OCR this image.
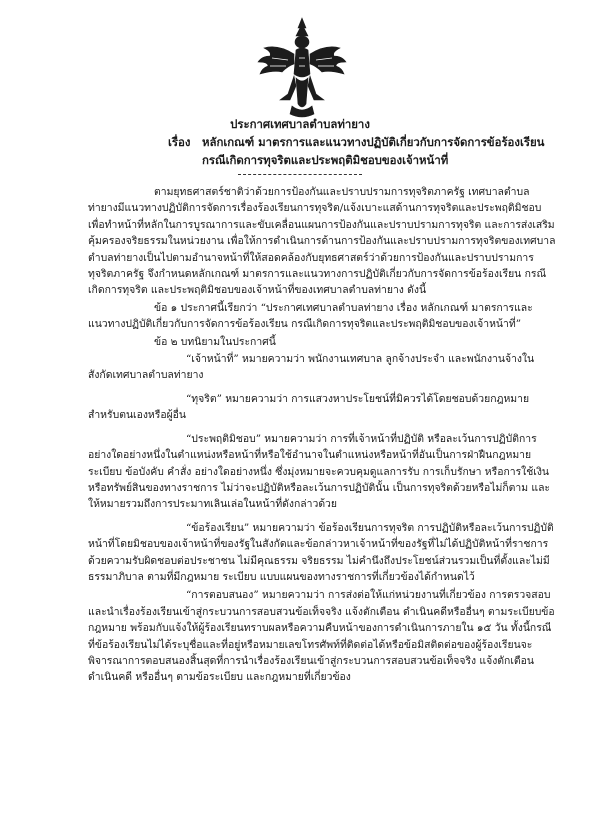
ประกาศเทศบาลตำบลท่ายาง
เรื่อง หลักเกณฑ์ มาตรการและแนวทางปฏิบัติเกี่ยวกับการจัดการข้อร้องเรียน
กรณีเกิดการทุจริตและประพฤติมิชอบของเจ้าหน้าที่

ตามยุทธศาสตร์ชาติว่าด้วยการป้องกันและปราบปรามการทุจริตภาครัฐ เทศบาลตำบลท่ายางมีแนวทางปฏิบัติการจัดการเรื่องร้องเรียนการทุจริต/แจ้งเบาะแสด้านการทุจริตและประพฤติมิชอบ เพื่อทำหน้าที่หลักในการบูรณาการและขับเคลื่อนแผนการป้องกันและปราบปรามการทุจริต และการส่งเสริมคุ้มครองจริยธรรมในหน่วยงาน เพื่อให้การดำเนินการด้านการป้องกันและปราบปรามการทุจริตของเทศบาลตำบลท่ายางเป็นไปตามอำนาจหน้าที่ให้สอดคล้องกับยุทธศาสตร์ว่าด้วยการป้องกันและปราบปรามการทุจริตภาครัฐ จึงกำหนดหลักเกณฑ์ มาตรการและแนวทางการปฏิบัติเกี่ยวกับการจัดการข้อร้องเรียน กรณีเกิดการทุจริต และประพฤติมิชอบของเจ้าหน้าที่ของเทศบาลตำบลท่ายาง ดังนี้

ข้อ ๑ ประกาศนี้เรียกว่า “ประกาศเทศบาลตำบลท่ายาง เรื่อง หลักเกณฑ์ มาตรการและแนวทางปฏิบัติเกี่ยวกับการจัดการข้อร้องเรียน กรณีเกิดการทุจริตและประพฤติมิชอบของเจ้าหน้าที่”

ข้อ ๒ บทนิยามในประกาศนี้

“เจ้าหน้าที่” หมายความว่า พนักงานเทศบาล ลูกจ้างประจำ และพนักงานจ้างในสังกัดเทศบาลตำบลท่ายาง

“ทุจริต” หมายความว่า การแสวงหาประโยชน์ที่มิควรได้โดยชอบด้วยกฎหมายสำหรับตนเองหรือผู้อื่น

“ประพฤติมิชอบ” หมายความว่า การที่เจ้าหน้าที่ปฏิบัติ หรือละเว้นการปฏิบัติการอย่างใดอย่างหนึ่งในตำแหน่งหรือหน้าที่หรือใช้อำนาจในตำแหน่งหรือหน้าที่อันเป็นการฝ่าฝืนกฎหมาย ระเบียบ ข้อบังคับ คำสั่ง อย่างใดอย่างหนึ่ง ซึ่งมุ่งหมายจะควบคุมดูแลการรับ การเก็บรักษา หรือการใช้เงินหรือทรัพย์สินของทางราชการ ไม่ว่าจะปฏิบัติหรือละเว้นการปฏิบัตินั้น เป็นการทุจริตด้วยหรือไม่ก็ตาม และให้หมายรวมถึงการประมาทเลินเล่อในหน้าที่ดังกล่าวด้วย

“ข้อร้องเรียน” หมายความว่า ข้อร้องเรียนการทุจริต การปฏิบัติหรือละเว้นการปฏิบัติหน้าที่โดยมิชอบของเจ้าหน้าที่ของรัฐในสังกัดและข้อกล่าวหาเจ้าหน้าที่ของรัฐที่ไม่ได้ปฏิบัติหน้าที่ราชการด้วยความรับผิดชอบต่อประชาชน ไม่มีคุณธรรม จริยธรรม ไม่คำนึงถึงประโยชน์ส่วนรวมเป็นที่ตั้งและไม่มีธรรมาภิบาล ตามที่มีกฎหมาย ระเบียบ แบบแผนของทางราชการที่เกี่ยวข้องได้กำหนดไว้

“การตอบสนอง” หมายความว่า การส่งต่อให้แก่หน่วยงานที่เกี่ยวข้อง การตรวจสอบและนำเรื่องร้องเรียนเข้าสู่กระบวนการสอบสวนข้อเท็จจริง แจ้งตักเตือน ดำเนินคดีหรืออื่นๆ ตามระเบียบข้อกฎหมาย พร้อมกับแจ้งให้ผู้ร้องเรียนทราบผลหรือความคืบหน้าของการดำเนินการภายใน ๑๕ วัน ทั้งนี้กรณีที่ข้อร้องเรียนไม่ได้ระบุชื่อและที่อยู่หรือหมายเลขโทรศัพท์ที่ติดต่อได้หรือข้อมิสติดต่อของผู้ร้องเรียนจะพิจารณาการตอบสนองสิ้นสุดที่การนำเรื่องร้องเรียนเข้าสู่กระบวนการสอบสวนข้อเท็จจริง แจ้งตักเตือน ดำเนินคดี หรืออื่นๆ ตามข้อระเบียบ และกฎหมายที่เกี่ยวข้อง
